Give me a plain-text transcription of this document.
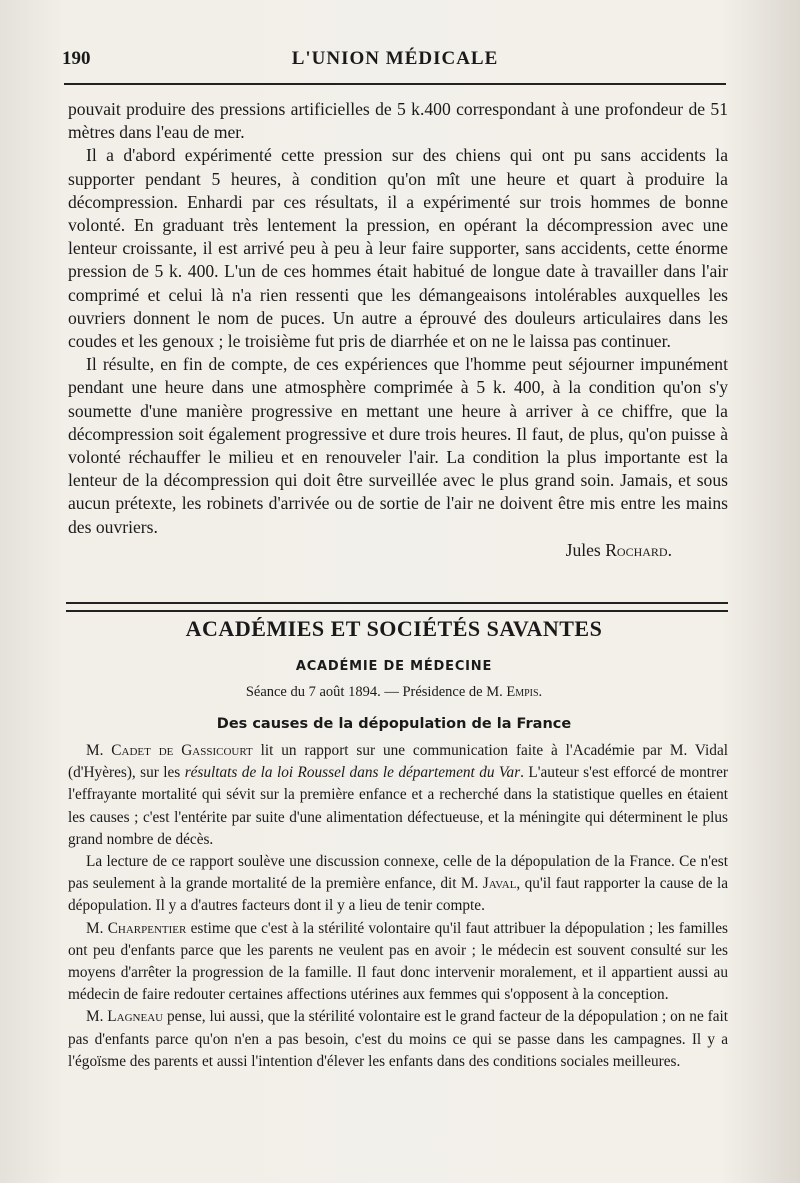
190	L'UNION MÉDICALE

pouvait produire des pressions artificielles de 5 k.400 correspondant à une profondeur de 51 mètres dans l'eau de mer.

Il a d'abord expérimenté cette pression sur des chiens qui ont pu sans accidents la supporter pendant 5 heures, à condition qu'on mît une heure et quart à produire la décompression. Enhardi par ces résultats, il a expérimenté sur trois hommes de bonne volonté. En graduant très lentement la pression, en opérant la décompression avec une lenteur croissante, il est arrivé peu à peu à leur faire supporter, sans accidents, cette énorme pression de 5 k. 400. L'un de ces hommes était habitué de longue date à travailler dans l'air comprimé et celui là n'a rien ressenti que les démangeaisons intolérables auxquelles les ouvriers donnent le nom de puces. Un autre a éprouvé des douleurs articulaires dans les coudes et les genoux ; le troisième fut pris de diarrhée et on ne le laissa pas continuer.

Il résulte, en fin de compte, de ces expériences que l'homme peut séjourner impunément pendant une heure dans une atmosphère comprimée à 5 k. 400, à la condition qu'on s'y soumette d'une manière progressive en mettant une heure à arriver à ce chiffre, que la décompression soit également progressive et dure trois heures. Il faut, de plus, qu'on puisse à volonté réchauffer le milieu et en renouveler l'air. La condition la plus importante est la lenteur de la décompression qui doit être surveillée avec le plus grand soin. Jamais, et sous aucun prétexte, les robinets d'arrivée ou de sortie de l'air ne doivent être mis entre les mains des ouvriers.

Jules Rochard.
ACADÉMIES ET SOCIÉTÉS SAVANTES
ACADÉMIE DE MÉDECINE
Séance du 7 août 1894. — Présidence de M. Empis.
Des causes de la dépopulation de la France

M. Cadet de Gassicourt lit un rapport sur une communication faite à l'Académie par M. Vidal (d'Hyères), sur les résultats de la loi Roussel dans le département du Var. L'auteur s'est efforcé de montrer l'effrayante mortalité qui sévit sur la première enfance et a recherché dans la statistique quelles en étaient les causes ; c'est l'entérite par suite d'une alimentation défectueuse, et la méningite qui déterminent le plus grand nombre de décès.

La lecture de ce rapport soulève une discussion connexe, celle de la dépopulation de la France. Ce n'est pas seulement à la grande mortalité de la première enfance, dit M. Javal, qu'il faut rapporter la cause de la dépopulation. Il y a d'autres facteurs dont il y a lieu de tenir compte.

M. Charpentier estime que c'est à la stérilité volontaire qu'il faut attribuer la dépopulation ; les familles ont peu d'enfants parce que les parents ne veulent pas en avoir ; le médecin est souvent consulté sur les moyens d'arrêter la progression de la famille. Il faut donc intervenir moralement, et il appartient aussi au médecin de faire redouter certaines affections utérines aux femmes qui s'opposent à la conception.

M. Lagneau pense, lui aussi, que la stérilité volontaire est le grand facteur de la dépopulation ; on ne fait pas d'enfants parce qu'on n'en a pas besoin, c'est du moins ce qui se passe dans les campagnes. Il y a l'égoïsme des parents et aussi l'intention d'élever les enfants dans des conditions sociales meilleures.
